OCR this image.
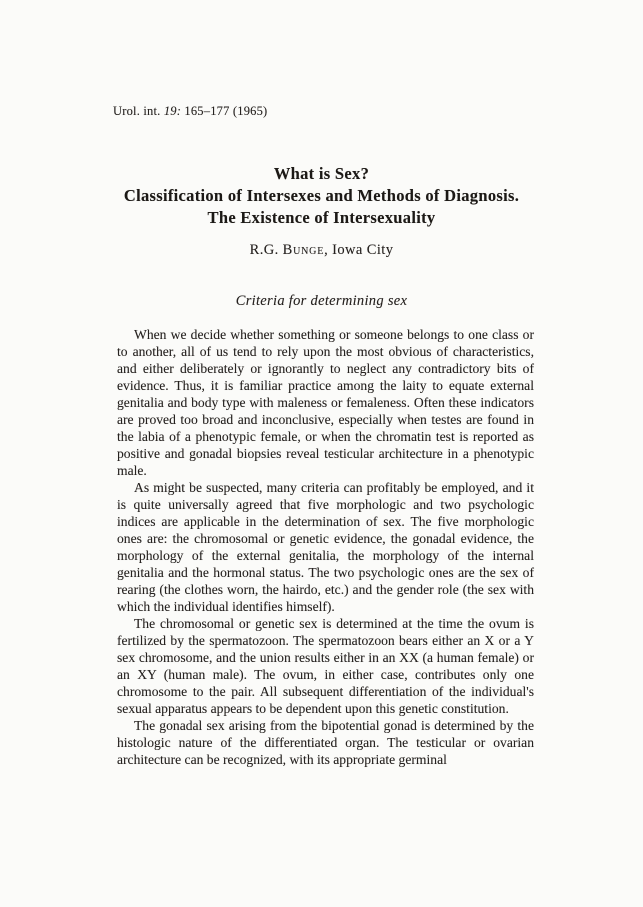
Urol. int. 19: 165–177 (1965)
What is Sex?
Classification of Intersexes and Methods of Diagnosis.
The Existence of Intersexuality
R.G. Bunge, Iowa City
Criteria for determining sex

When we decide whether something or someone belongs to one class or to another, all of us tend to rely upon the most obvious of characteristics, and either deliberately or ignorantly to neglect any contradictory bits of evidence. Thus, it is familiar practice among the laity to equate external genitalia and body type with maleness or femaleness. Often these indicators are proved too broad and inconclusive, especially when testes are found in the labia of a phenotypic female, or when the chromatin test is reported as positive and gonadal biopsies reveal testicular architecture in a phenotypic male.

As might be suspected, many criteria can profitably be employed, and it is quite universally agreed that five morphologic and two psychologic indices are applicable in the determination of sex. The five morphologic ones are: the chromosomal or genetic evidence, the gonadal evidence, the morphology of the external genitalia, the morphology of the internal genitalia and the hormonal status. The two psychologic ones are the sex of rearing (the clothes worn, the hairdo, etc.) and the gender role (the sex with which the individual identifies himself).

The chromosomal or genetic sex is determined at the time the ovum is fertilized by the spermatozoon. The spermatozoon bears either an X or a Y sex chromosome, and the union results either in an XX (a human female) or an XY (human male). The ovum, in either case, contributes only one chromosome to the pair. All subsequent differentiation of the individual's sexual apparatus appears to be dependent upon this genetic constitution.

The gonadal sex arising from the bipotential gonad is determined by the histologic nature of the differentiated organ. The testicular or ovarian architecture can be recognized, with its appropriate germinal
